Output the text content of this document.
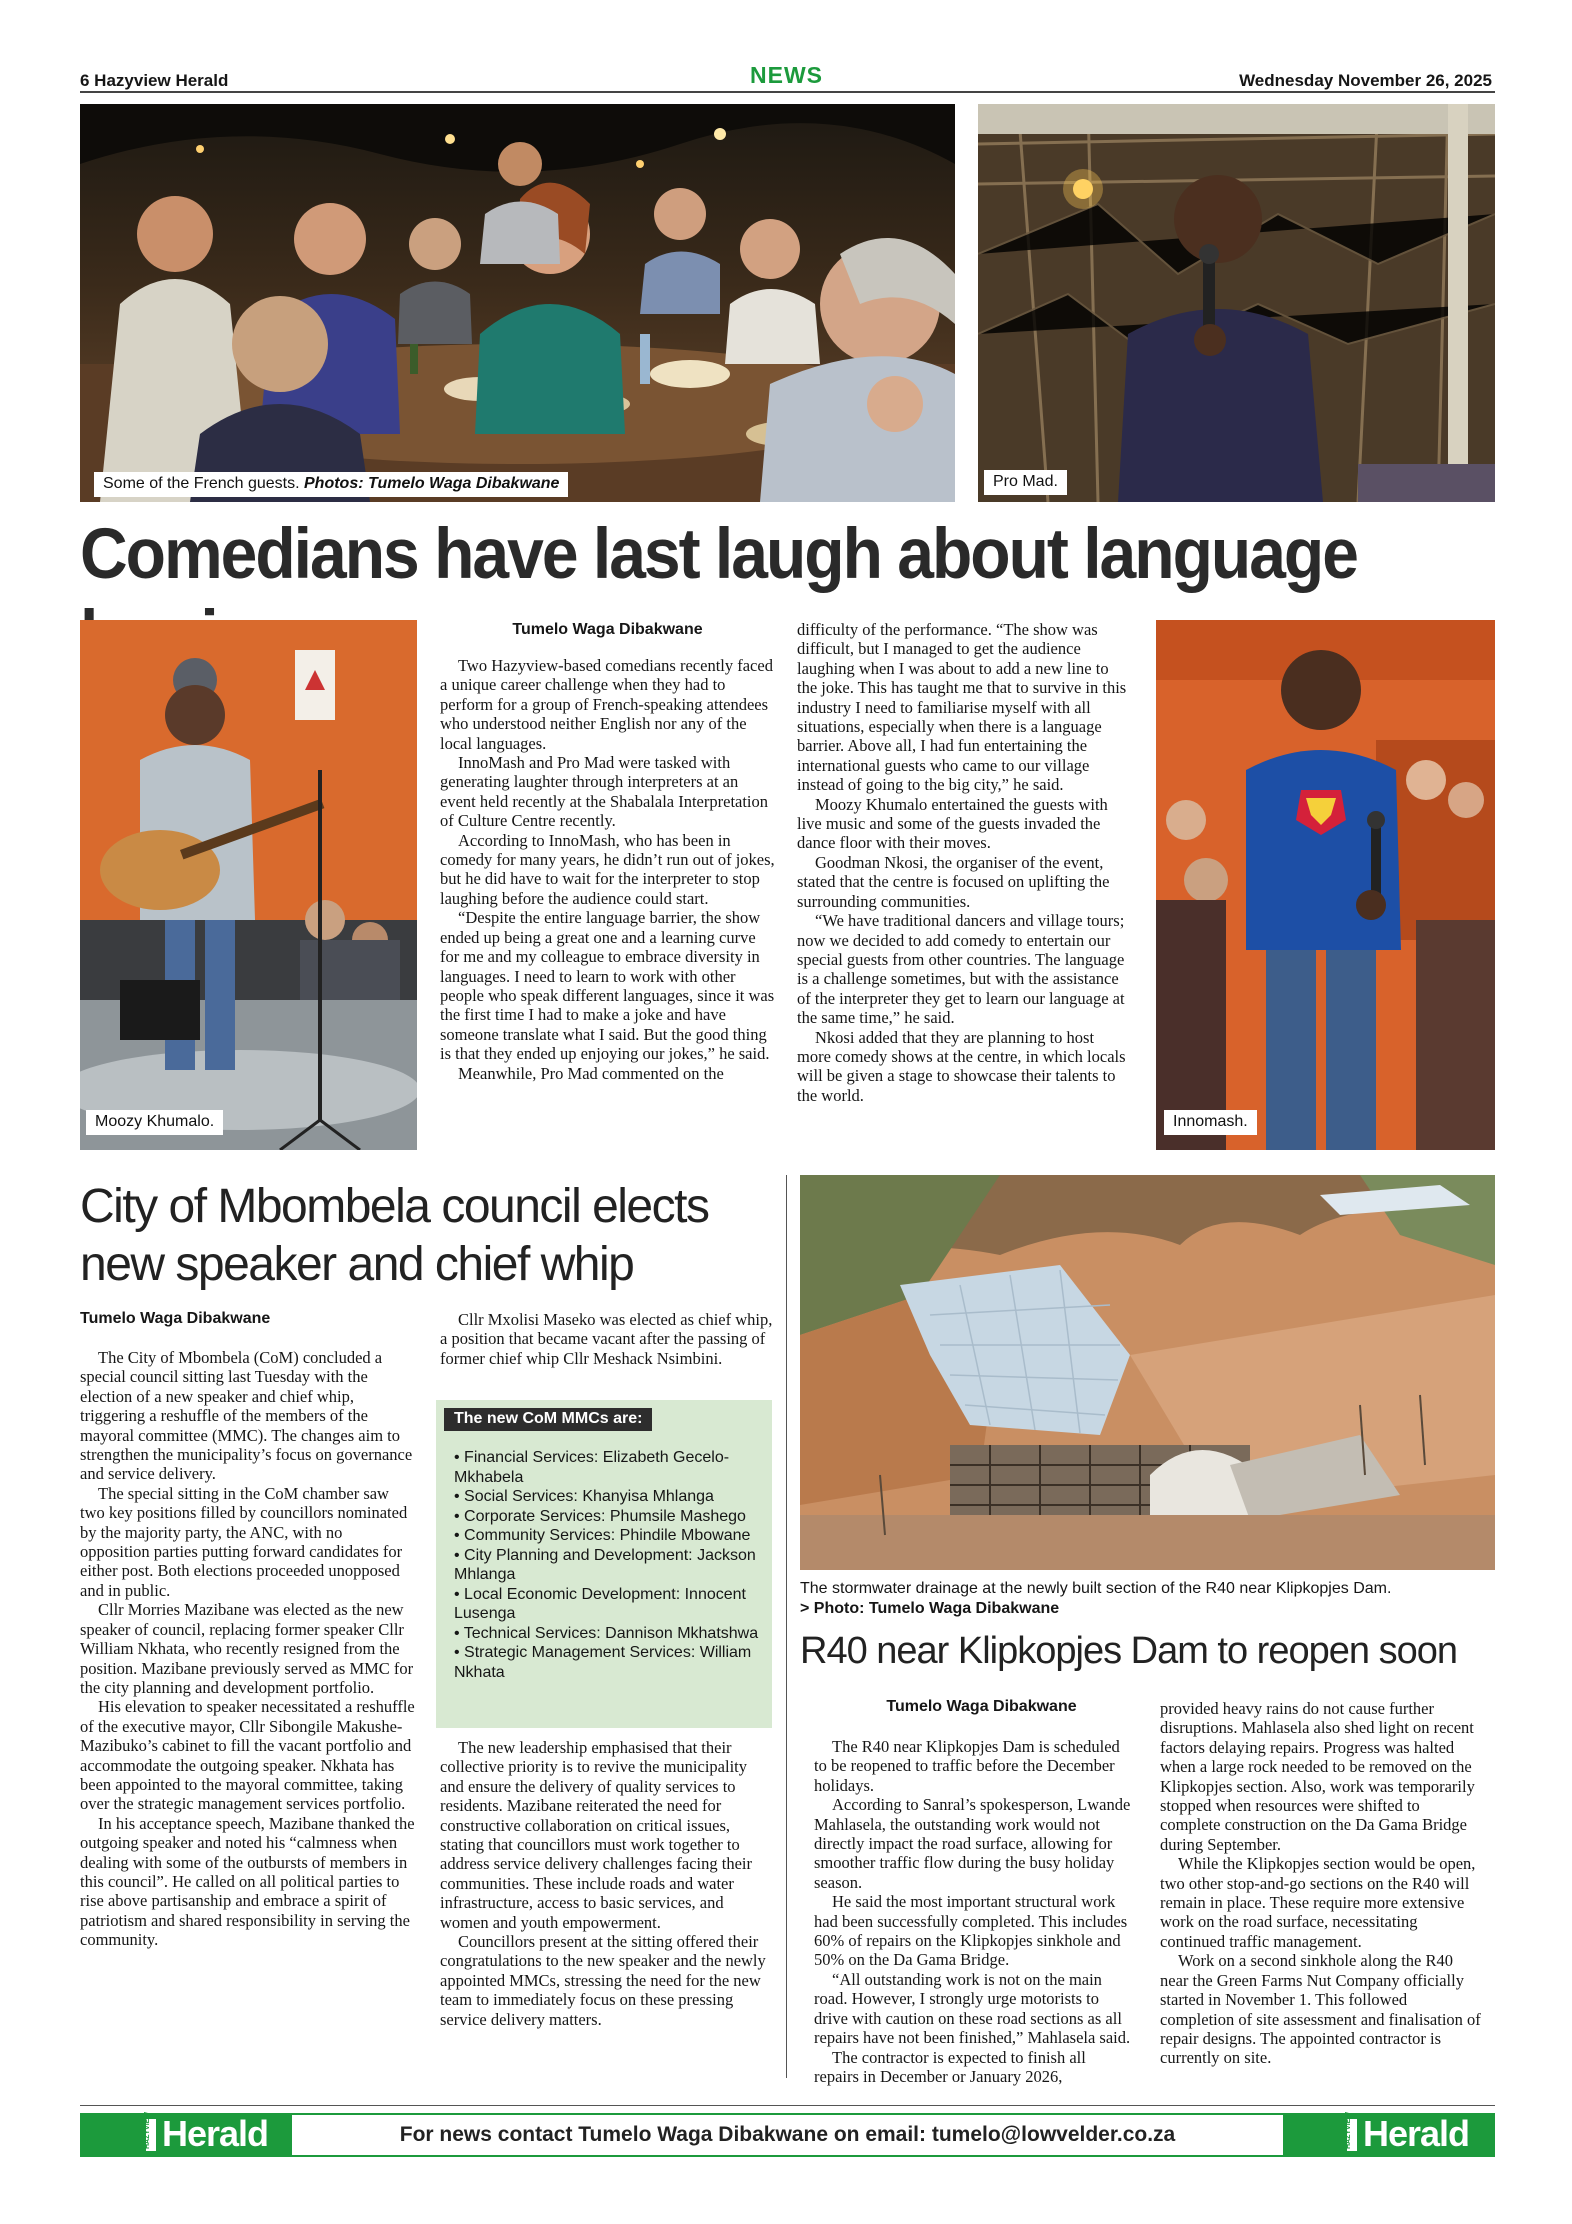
6 Hazyview Herald	NEWS	Wednesday November 26, 2025
Some of the French guests. Photos: Tumelo Waga Dibakwane	Pro Mad.
Comedians have last laugh about language
Moozy Khumalo.
Tumelo Waga Dibakwane

Two Hazyview-based comedians recently faced a unique career challenge when they had to perform for a group of French-speaking attendees who understood neither English nor any of the local languages.

InnoMash and Pro Mad were tasked with generating laughter through interpreters at an event held recently at the Shabalala Interpretation of Culture Centre recently.

According to InnoMash, who has been in comedy for many years, he didn’t run out of jokes, but he did have to wait for the interpreter to stop laughing before the audience could start.

“Despite the entire language barrier, the show ended up being a great one and a learning curve for me and my colleague to embrace diversity in languages. I need to learn to work with other people who speak different languages, since it was the first time I had to make a joke and have someone translate what I said. But the good thing is that they ended up enjoying our jokes,” he said.

Meanwhile, Pro Mad commented on the

difficulty of the performance. “The show was difficult, but I managed to get the audience laughing when I was about to add a new line to the joke. This has taught me that to survive in this industry I need to familiarise myself with all situations, especially when there is a language barrier. Above all, I had fun entertaining the international guests who came to our village instead of going to the big city,” he said.

Moozy Khumalo entertained the guests with live music and some of the guests invaded the dance floor with their moves.

Goodman Nkosi, the organiser of the event, stated that the centre is focused on uplifting the surrounding communities.

“We have traditional dancers and village tours; now we decided to add comedy to entertain our special guests from other countries. The language is a challenge sometimes, but with the assistance of the interpreter they get to learn our language at the same time,” he said.

Nkosi added that they are planning to host more comedy shows at the centre, in which locals will be given a stage to showcase their talents to the world.

Innomash.
City of Mbombela council elects
new speaker and chief whip
Tumelo Waga Dibakwane

The City of Mbombela (CoM) concluded a special council sitting last Tuesday with the election of a new speaker and chief whip, triggering a reshuffle of the members of the mayoral committee (MMC). The changes aim to strengthen the municipality’s focus on governance and service delivery.

The special sitting in the CoM chamber saw two key positions filled by councillors nominated by the majority party, the ANC, with no opposition parties putting forward candidates for either post. Both elections proceeded unopposed and in public.

Cllr Morries Mazibane was elected as the new speaker of council, replacing former speaker Cllr William Nkhata, who recently resigned from the position. Mazibane previously served as MMC for the city planning and development portfolio.

His elevation to speaker necessitated a reshuffle of the executive mayor, Cllr Sibongile Makushe-Mazibuko’s cabinet to fill the vacant portfolio and accommodate the outgoing speaker. Nkhata has been appointed to the mayoral committee, taking over the strategic management services portfolio.

In his acceptance speech, Mazibane thanked the outgoing speaker and noted his “calmness when dealing with some of the outbursts of members in this council”. He called on all political parties to rise above partisanship and embrace a spirit of patriotism and shared responsibility in serving the community.

Cllr Mxolisi Maseko was elected as chief whip, a position that became vacant after the passing of former chief whip Cllr Meshack Nsimbini.

The new CoM MMCs are:
• Financial Services: Elizabeth Gecelo-Mkhabela
• Social Services: Khanyisa Mhlanga
• Corporate Services: Phumsile Mashego
• Community Services: Phindile Mbowane
• City Planning and Development: Jackson Mhlanga
• Local Economic Development: Innocent Lusenga
• Technical Services: Dannison Mkhatshwa
• Strategic Management Services: William Nkhata

The new leadership emphasised that their collective priority is to revive the municipality and ensure the delivery of quality services to residents. Mazibane reiterated the need for constructive collaboration on critical issues, stating that councillors must work together to address service delivery challenges facing their communities. These include roads and water infrastructure, access to basic services, and women and youth empowerment.

Councillors present at the sitting offered their congratulations to the new speaker and the newly appointed MMCs, stressing the need for the new team to immediately focus on these pressing service delivery matters.

The stormwater drainage at the newly built section of the R40 near Klipkopjes Dam.
> Photo: Tumelo Waga Dibakwane
R40 near Klipkopjes Dam to reopen soon
Tumelo Waga Dibakwane

The R40 near Klipkopjes Dam is scheduled to be reopened to traffic before the December holidays.

According to Sanral’s spokesperson, Lwande Mahlasela, the outstanding work would not directly impact the road surface, allowing for smoother traffic flow during the busy holiday season.

He said the most important structural work had been successfully completed. This includes 60% of repairs on the Klipkopjes sinkhole and 50% on the Da Gama Bridge.

“All outstanding work is not on the main road. However, I strongly urge motorists to drive with caution on these road sections as all repairs have not been finished,” Mahlasela said.

The contractor is expected to finish all repairs in December or January 2026,

provided heavy rains do not cause further disruptions. Mahlasela also shed light on recent factors delaying repairs. Progress was halted when a large rock needed to be removed on the Klipkopjes section. Also, work was temporarily stopped when resources were shifted to complete construction on the Da Gama Bridge during September.

While the Klipkopjes section would be open, two other stop-and-go sections on the R40 will remain in place. These require more extensive work on the road surface, necessitating continued traffic management.

Work on a second sinkhole along the R40 near the Green Farms Nut Company officially started in November 1. This followed completion of site assessment and finalisation of repair designs. The appointed contractor is currently on site.

HAZYVIEW Herald	For news contact Tumelo Waga Dibakwane on email: tumelo@lowvelder.co.za	HAZYVIEW Herald
